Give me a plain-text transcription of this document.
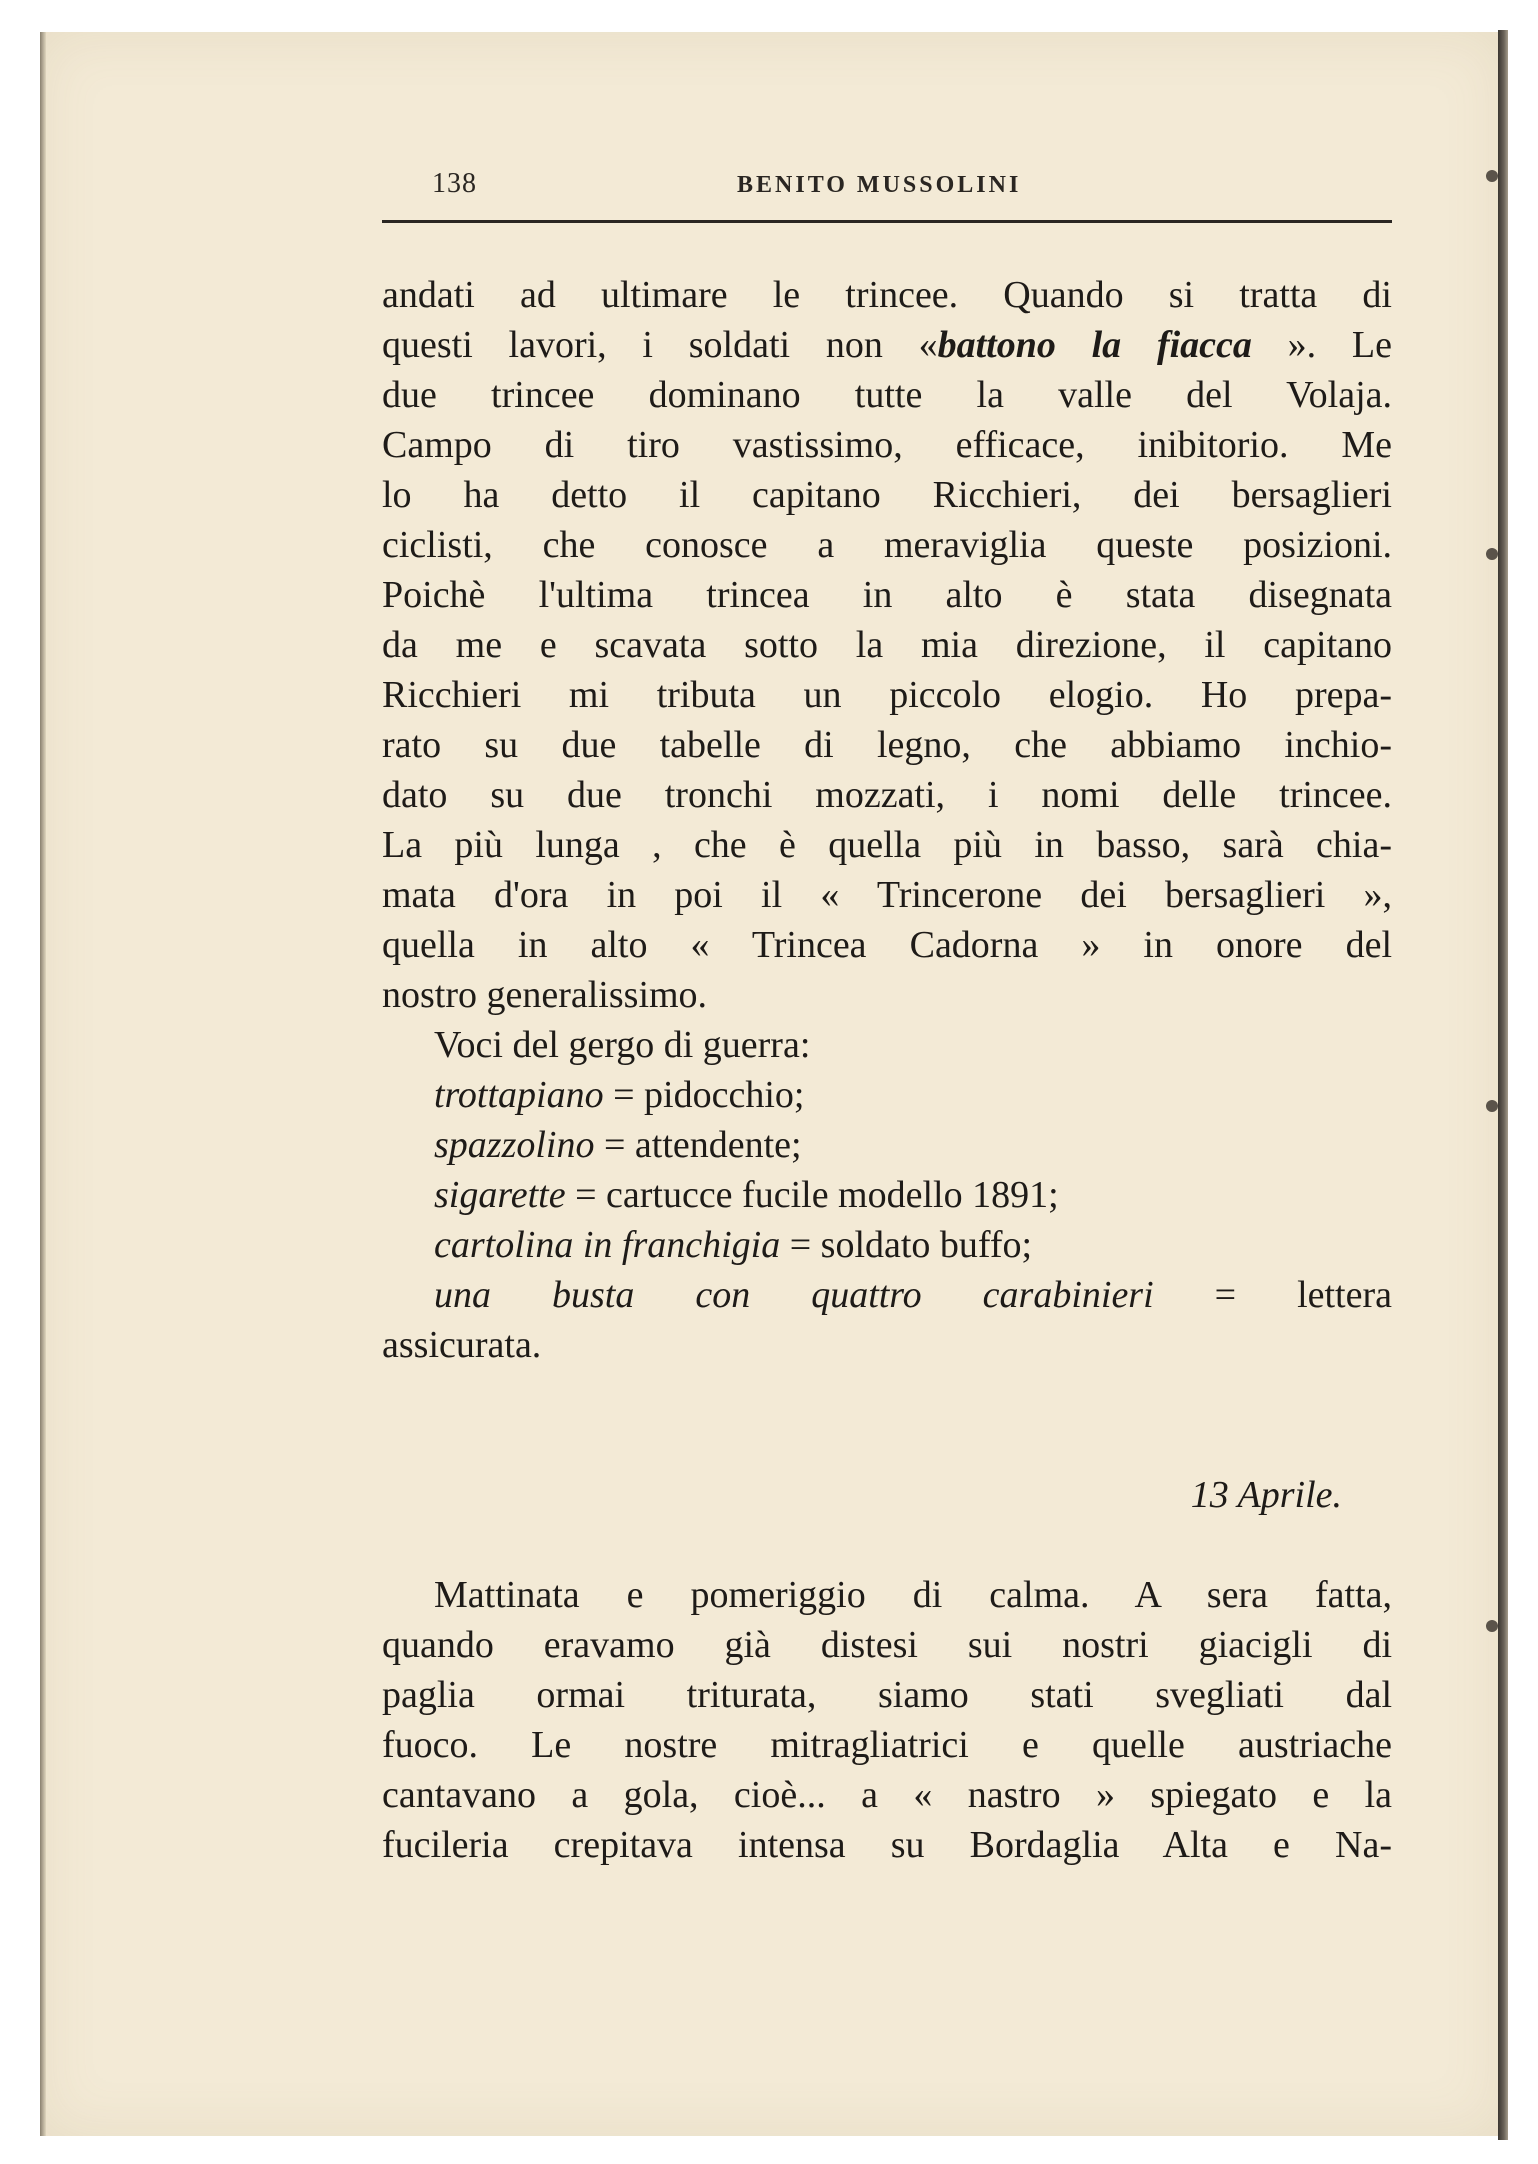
138	BENITO MUSSOLINI
andati ad ultimare le trincee. Quando si tratta di
questi lavori, i soldati non «battono la fiacca ». Le
due trincee dominano tutte la valle del Volaja.
Campo di tiro vastissimo, efficace, inibitorio. Me
lo ha detto il capitano Ricchieri, dei bersaglieri
ciclisti, che conosce a meraviglia queste posizioni.
Poichè l'ultima trincea in alto è stata disegnata
da me e scavata sotto la mia direzione, il capitano
Ricchieri mi tributa un piccolo elogio. Ho prepa-
rato su due tabelle di legno, che abbiamo inchio-
dato su due tronchi mozzati, i nomi delle trincee.
La più lunga , che è quella più in basso, sarà chia-
mata d'ora in poi il « Trincerone dei bersaglieri »,
quella in alto « Trincea Cadorna » in onore del
nostro generalissimo.
Voci del gergo di guerra:
trottapiano = pidocchio;
spazzolino = attendente;
sigarette = cartucce fucile modello 1891;
cartolina in franchigia = soldato buffo;
una busta con quattro carabinieri = lettera
assicurata.
13 Aprile.
Mattinata e pomeriggio di calma. A sera fatta,
quando eravamo già distesi sui nostri giacigli di
paglia ormai triturata, siamo stati svegliati dal
fuoco. Le nostre mitragliatrici e quelle austriache
cantavano a gola, cioè... a « nastro » spiegato e la
fucileria crepitava intensa su Bordaglia Alta e Na-
